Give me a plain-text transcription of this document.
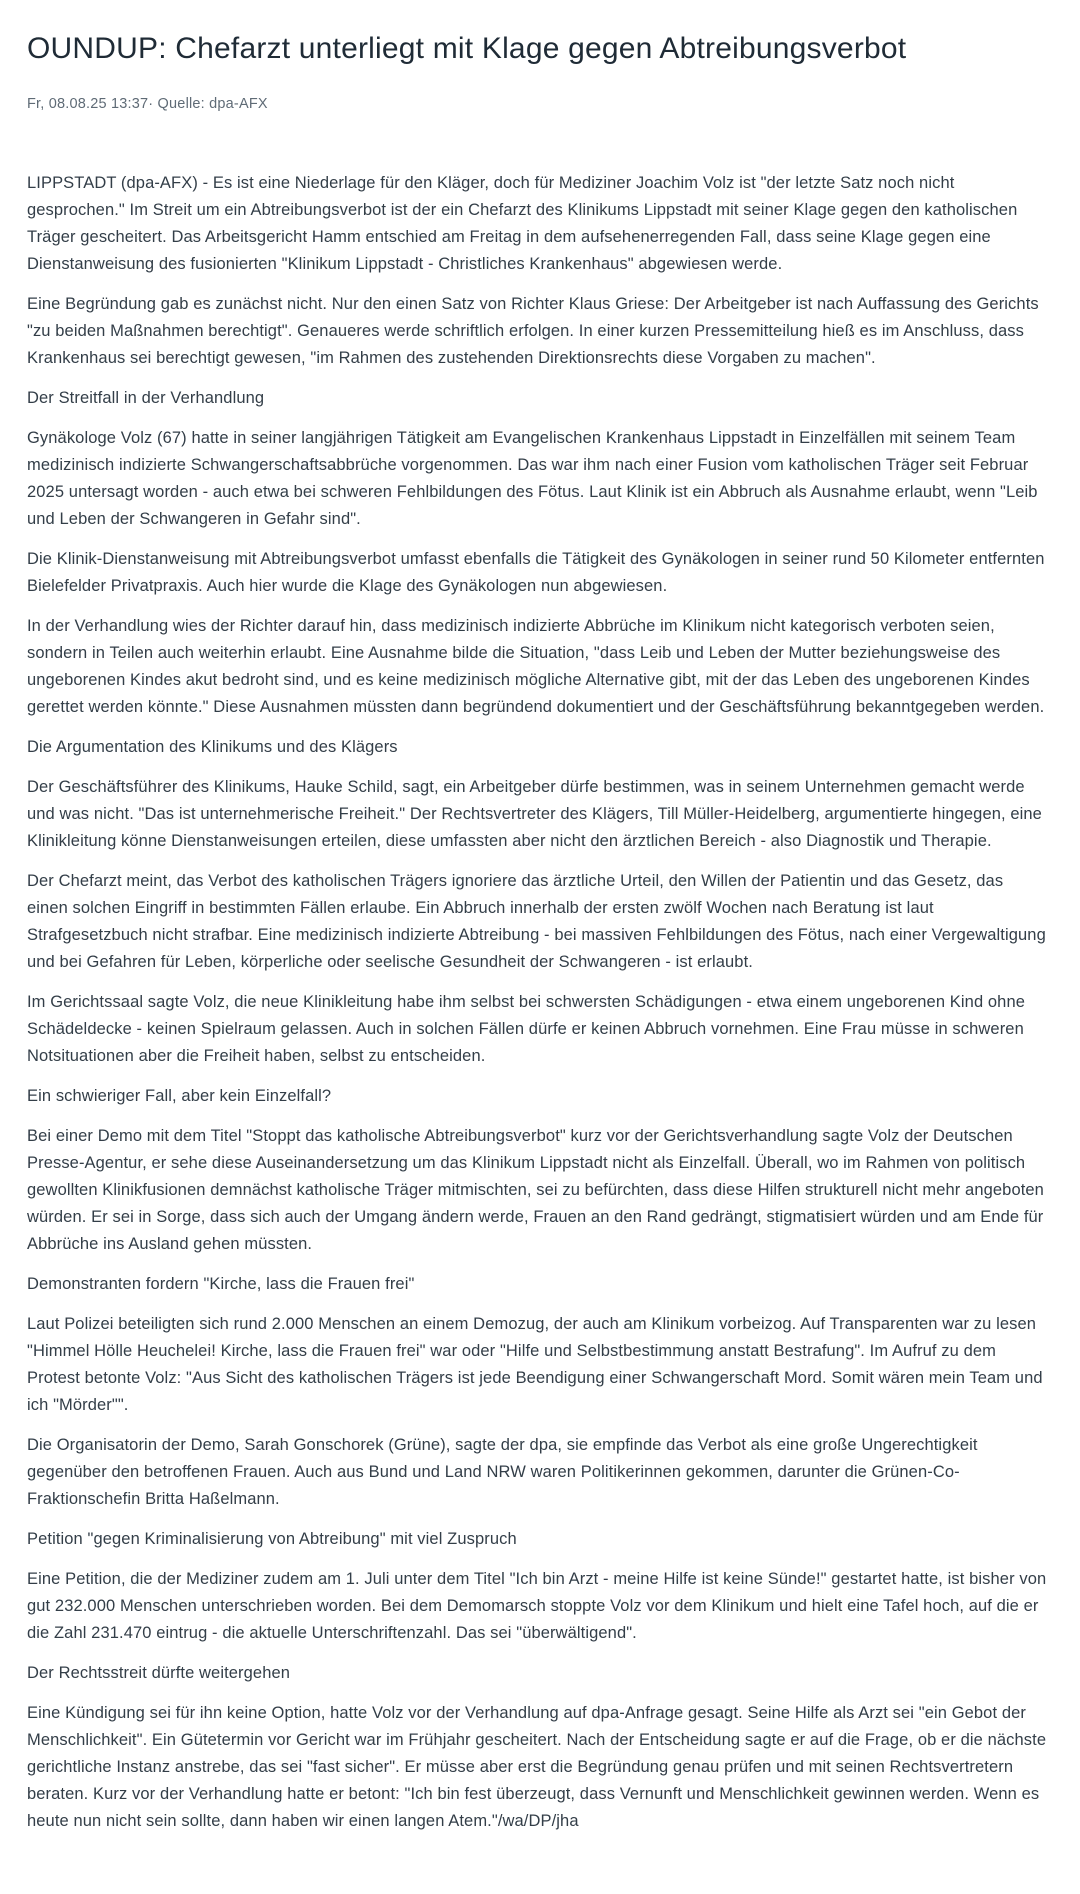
OUNDUP: Chefarzt unterliegt mit Klage gegen Abtreibungsverbot
Fr, 08.08.25 13:37· Quelle: dpa-AFX

LIPPSTADT (dpa-AFX) - Es ist eine Niederlage für den Kläger, doch für Mediziner Joachim Volz ist "der letzte Satz noch nicht gesprochen." Im Streit um ein Abtreibungsverbot ist der ein Chefarzt des Klinikums Lippstadt mit seiner Klage gegen den katholischen Träger gescheitert. Das Arbeitsgericht Hamm entschied am Freitag in dem aufsehenerregenden Fall, dass seine Klage gegen eine Dienstanweisung des fusionierten "Klinikum Lippstadt - Christliches Krankenhaus" abgewiesen werde.

Eine Begründung gab es zunächst nicht. Nur den einen Satz von Richter Klaus Griese: Der Arbeitgeber ist nach Auffassung des Gerichts "zu beiden Maßnahmen berechtigt". Genaueres werde schriftlich erfolgen. In einer kurzen Pressemitteilung hieß es im Anschluss, dass Krankenhaus sei berechtigt gewesen, "im Rahmen des zustehenden Direktionsrechts diese Vorgaben zu machen".

Der Streitfall in der Verhandlung

Gynäkologe Volz (67) hatte in seiner langjährigen Tätigkeit am Evangelischen Krankenhaus Lippstadt in Einzelfällen mit seinem Team medizinisch indizierte Schwangerschaftsabbrüche vorgenommen. Das war ihm nach einer Fusion vom katholischen Träger seit Februar 2025 untersagt worden - auch etwa bei schweren Fehlbildungen des Fötus. Laut Klinik ist ein Abbruch als Ausnahme erlaubt, wenn "Leib und Leben der Schwangeren in Gefahr sind".

Die Klinik-Dienstanweisung mit Abtreibungsverbot umfasst ebenfalls die Tätigkeit des Gynäkologen in seiner rund 50 Kilometer entfernten Bielefelder Privatpraxis. Auch hier wurde die Klage des Gynäkologen nun abgewiesen.

In der Verhandlung wies der Richter darauf hin, dass medizinisch indizierte Abbrüche im Klinikum nicht kategorisch verboten seien, sondern in Teilen auch weiterhin erlaubt. Eine Ausnahme bilde die Situation, "dass Leib und Leben der Mutter beziehungsweise des ungeborenen Kindes akut bedroht sind, und es keine medizinisch mögliche Alternative gibt, mit der das Leben des ungeborenen Kindes gerettet werden könnte." Diese Ausnahmen müssten dann begründend dokumentiert und der Geschäftsführung bekanntgegeben werden.

Die Argumentation des Klinikums und des Klägers

Der Geschäftsführer des Klinikums, Hauke Schild, sagt, ein Arbeitgeber dürfe bestimmen, was in seinem Unternehmen gemacht werde und was nicht. "Das ist unternehmerische Freiheit." Der Rechtsvertreter des Klägers, Till Müller-Heidelberg, argumentierte hingegen, eine Klinikleitung könne Dienstanweisungen erteilen, diese umfassten aber nicht den ärztlichen Bereich - also Diagnostik und Therapie.

Der Chefarzt meint, das Verbot des katholischen Trägers ignoriere das ärztliche Urteil, den Willen der Patientin und das Gesetz, das einen solchen Eingriff in bestimmten Fällen erlaube. Ein Abbruch innerhalb der ersten zwölf Wochen nach Beratung ist laut Strafgesetzbuch nicht strafbar. Eine medizinisch indizierte Abtreibung - bei massiven Fehlbildungen des Fötus, nach einer Vergewaltigung und bei Gefahren für Leben, körperliche oder seelische Gesundheit der Schwangeren - ist erlaubt.

Im Gerichtssaal sagte Volz, die neue Klinikleitung habe ihm selbst bei schwersten Schädigungen - etwa einem ungeborenen Kind ohne Schädeldecke - keinen Spielraum gelassen. Auch in solchen Fällen dürfe er keinen Abbruch vornehmen. Eine Frau müsse in schweren Notsituationen aber die Freiheit haben, selbst zu entscheiden.

Ein schwieriger Fall, aber kein Einzelfall?

Bei einer Demo mit dem Titel "Stoppt das katholische Abtreibungsverbot" kurz vor der Gerichtsverhandlung sagte Volz der Deutschen Presse-Agentur, er sehe diese Auseinandersetzung um das Klinikum Lippstadt nicht als Einzelfall. Überall, wo im Rahmen von politisch gewollten Klinikfusionen demnächst katholische Träger mitmischten, sei zu befürchten, dass diese Hilfen strukturell nicht mehr angeboten würden. Er sei in Sorge, dass sich auch der Umgang ändern werde, Frauen an den Rand gedrängt, stigmatisiert würden und am Ende für Abbrüche ins Ausland gehen müssten.

Demonstranten fordern "Kirche, lass die Frauen frei"

Laut Polizei beteiligten sich rund 2.000 Menschen an einem Demozug, der auch am Klinikum vorbeizog. Auf Transparenten war zu lesen "Himmel Hölle Heuchelei! Kirche, lass die Frauen frei" war oder "Hilfe und Selbstbestimmung anstatt Bestrafung". Im Aufruf zu dem Protest betonte Volz: "Aus Sicht des katholischen Trägers ist jede Beendigung einer Schwangerschaft Mord. Somit wären mein Team und ich "Mörder"".

Die Organisatorin der Demo, Sarah Gonschorek (Grüne), sagte der dpa, sie empfinde das Verbot als eine große Ungerechtigkeit gegenüber den betroffenen Frauen. Auch aus Bund und Land NRW waren Politikerinnen gekommen, darunter die Grünen-Co-Fraktionschefin Britta Haßelmann.

Petition "gegen Kriminalisierung von Abtreibung" mit viel Zuspruch

Eine Petition, die der Mediziner zudem am 1. Juli unter dem Titel "Ich bin Arzt - meine Hilfe ist keine Sünde!" gestartet hatte, ist bisher von gut 232.000 Menschen unterschrieben worden. Bei dem Demomarsch stoppte Volz vor dem Klinikum und hielt eine Tafel hoch, auf die er die Zahl 231.470 eintrug - die aktuelle Unterschriftenzahl. Das sei "überwältigend".

Der Rechtsstreit dürfte weitergehen

Eine Kündigung sei für ihn keine Option, hatte Volz vor der Verhandlung auf dpa-Anfrage gesagt. Seine Hilfe als Arzt sei "ein Gebot der Menschlichkeit". Ein Gütetermin vor Gericht war im Frühjahr gescheitert. Nach der Entscheidung sagte er auf die Frage, ob er die nächste gerichtliche Instanz anstrebe, das sei "fast sicher". Er müsse aber erst die Begründung genau prüfen und mit seinen Rechtsvertretern beraten. Kurz vor der Verhandlung hatte er betont: "Ich bin fest überzeugt, dass Vernunft und Menschlichkeit gewinnen werden. Wenn es heute nun nicht sein sollte, dann haben wir einen langen Atem."/wa/DP/jha
